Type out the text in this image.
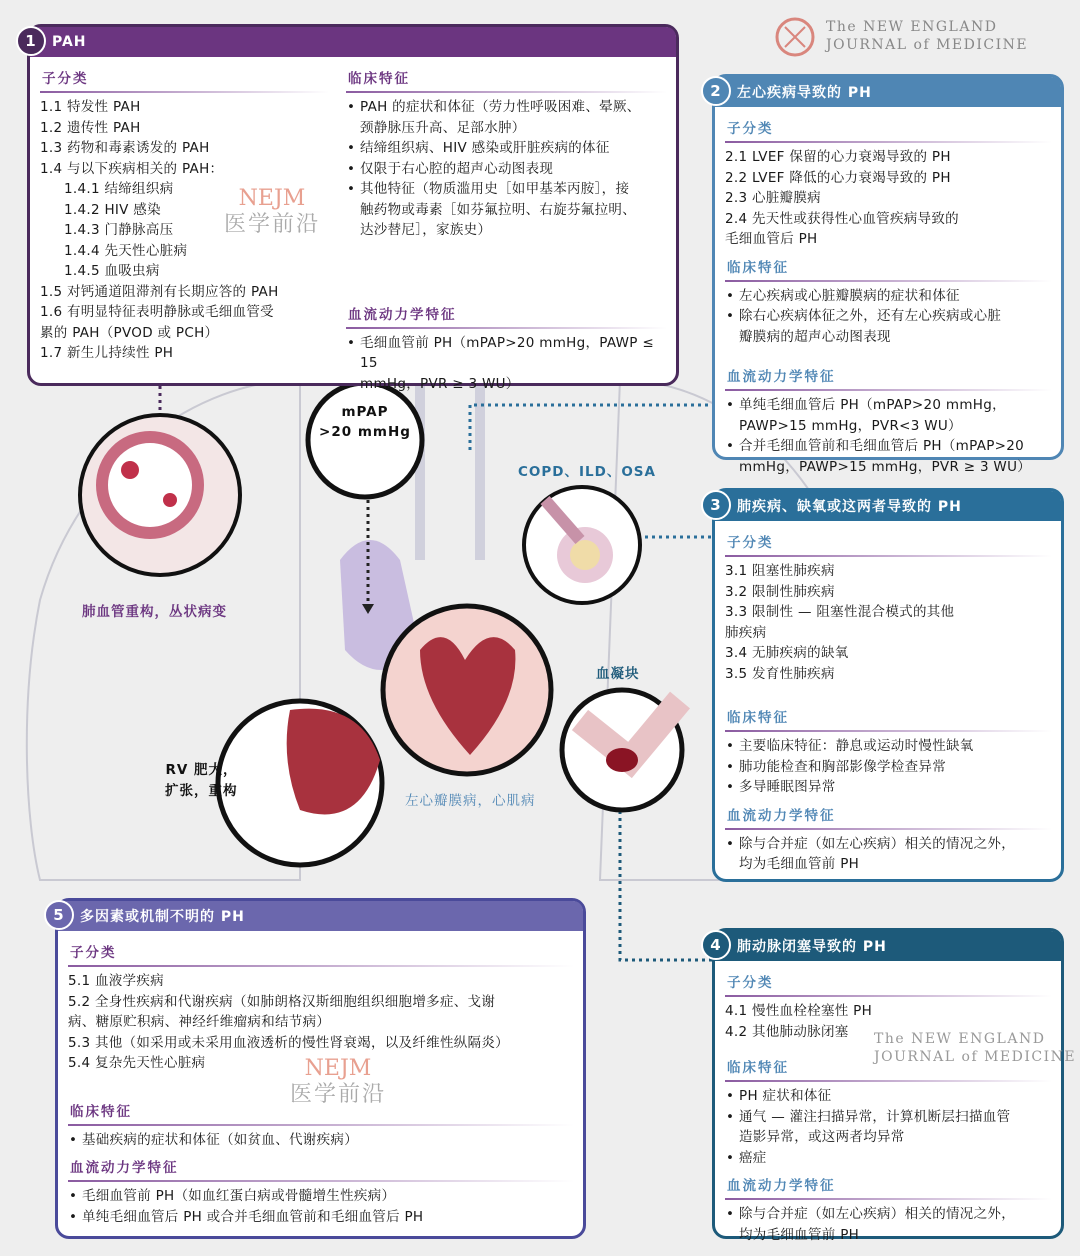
The NEW ENGLAND
JOURNAL of MEDICINE
mPAP
>20 mmHg
COPD、ILD、OSA
肺血管重构，丛状病变
血凝块
RV 肥大，
扩张，重构
左心瓣膜病，心肌病
1	PAH
子分类
1.1 特发性 PAH
1.2 遗传性 PAH
1.3 药物和毒素诱发的 PAH
1.4 与以下疾病相关的 PAH：
1.4.1 结缔组织病
1.4.2 HIV 感染
1.4.3 门静脉高压
1.4.4 先天性心脏病
1.4.5 血吸虫病
1.5 对钙通道阻滞剂有长期应答的 PAH
1.6 有明显特征表明静脉或毛细血管受
累的 PAH（PVOD 或 PCH）
1.7 新生儿持续性 PH
临床特征
• PAH 的症状和体征（劳力性呼吸困难、晕厥、
颈静脉压升高、足部水肿）
• 结缔组织病、HIV 感染或肝脏疾病的体征
• 仅限于右心腔的超声心动图表现
• 其他特征（物质滥用史［如甲基苯丙胺］，接
触药物或毒素［如芬氟拉明、右旋芬氟拉明、
达沙替尼］，家族史）
血流动力学特征
• 毛细血管前 PH（mPAP>20 mmHg，PAWP ≤ 15
mmHg，PVR ≥ 3 WU）
2	左心疾病导致的 PH
子分类
2.1 LVEF 保留的心力衰竭导致的 PH
2.2 LVEF 降低的心力衰竭导致的 PH
2.3 心脏瓣膜病
2.4 先天性或获得性心血管疾病导致的
毛细血管后 PH
临床特征
• 左心疾病或心脏瓣膜病的症状和体征
• 除右心疾病体征之外，还有左心疾病或心脏
瓣膜病的超声心动图表现
血流动力学特征
• 单纯毛细血管后 PH（mPAP>20 mmHg，
PAWP>15 mmHg，PVR<3 WU）
• 合并毛细血管前和毛细血管后 PH（mPAP>20
mmHg，PAWP>15 mmHg，PVR ≥ 3 WU）
3	肺疾病、缺氧或这两者导致的 PH
子分类
3.1 阻塞性肺疾病
3.2 限制性肺疾病
3.3 限制性 — 阻塞性混合模式的其他
肺疾病
3.4 无肺疾病的缺氧
3.5 发育性肺疾病
临床特征
• 主要临床特征：静息或运动时慢性缺氧
• 肺功能检查和胸部影像学检查异常
• 多导睡眠图异常
血流动力学特征
• 除与合并症（如左心疾病）相关的情况之外，
均为毛细血管前 PH
4	肺动脉闭塞导致的 PH
子分类
4.1 慢性血栓栓塞性 PH
4.2 其他肺动脉闭塞
临床特征
• PH 症状和体征
• 通气 — 灌注扫描异常，计算机断层扫描血管
造影异常，或这两者均异常
• 癌症
血流动力学特征
• 除与合并症（如左心疾病）相关的情况之外，
均为毛细血管前 PH
5	多因素或机制不明的 PH
子分类
5.1 血液学疾病
5.2 全身性疾病和代谢疾病（如肺朗格汉斯细胞组织细胞增多症、戈谢
病、糖原贮积病、神经纤维瘤病和结节病）
5.3 其他（如采用或未采用血液透析的慢性肾衰竭，以及纤维性纵隔炎）
5.4 复杂先天性心脏病
临床特征
• 基础疾病的症状和体征（如贫血、代谢疾病）
血流动力学特征
• 毛细血管前 PH（如血红蛋白病或骨髓增生性疾病）
• 单纯毛细血管后 PH 或合并毛细血管前和毛细血管后 PH
NEJM
医学前沿
NEJM
医学前沿
The NEW ENGLAND
JOURNAL of MEDICINE
